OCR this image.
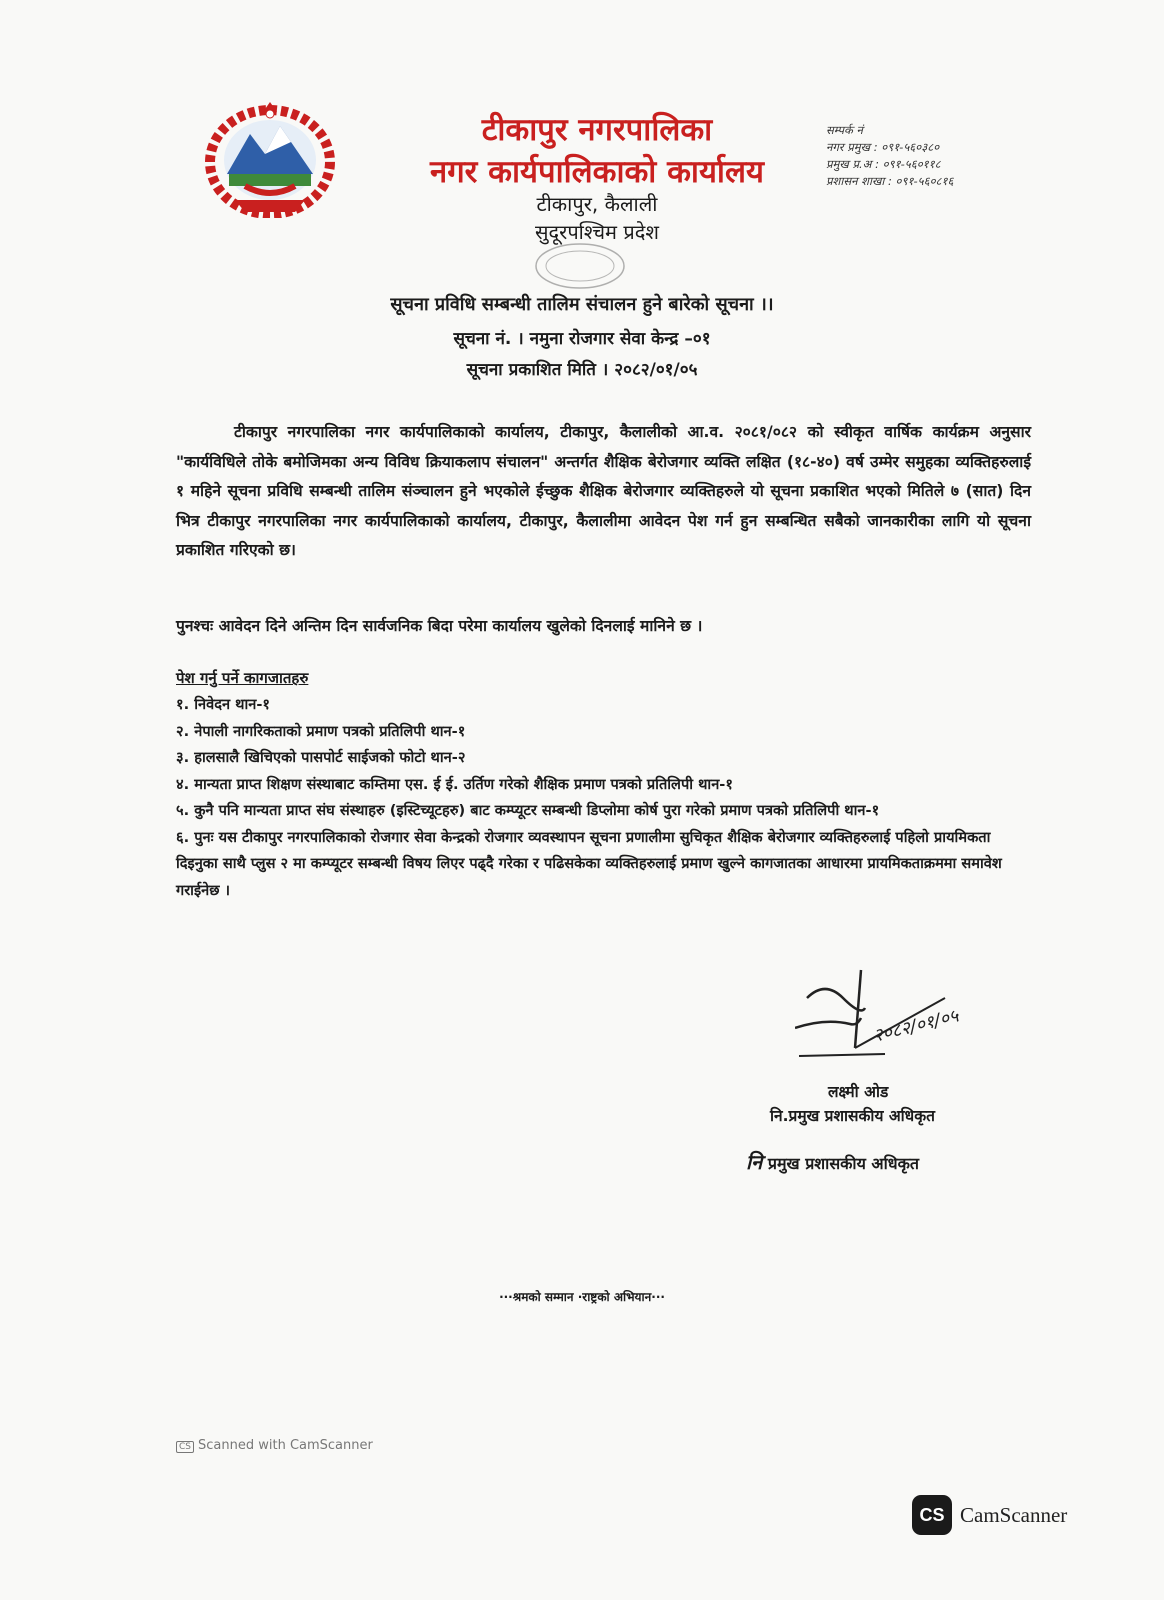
टीकापुर नगरपालिका
नगर कार्यपालिकाको कार्यालय
टीकापुर, कैलाली
सुदूरपश्चिम प्रदेश
सम्पर्क नं
नगर प्रमुख : ०९१-५६०३८०
प्रमुख प्र.अ : ०९१-५६०११८
प्रशासन शाखा : ०९१-५६०८१६
सूचना प्रविधि सम्बन्धी तालिम संचालन हुने बारेको सूचना ।।
सूचना नं. । नमुना रोजगार सेवा केन्द्र –०१
सूचना प्रकाशित मिति । २०८२/०१/०५
टीकापुर नगरपालिका नगर कार्यपालिकाको कार्यालय, टीकापुर, कैलालीको आ.व. २०८१/०८२ को स्वीकृत वार्षिक कार्यक्रम अनुसार "कार्यविधिले तोके बमोजिमका अन्य विविध क्रियाकलाप संचालन" अन्तर्गत शैक्षिक बेरोजगार व्यक्ति लक्षित (१८-४०) वर्ष उम्मेर समुहका व्यक्तिहरुलाई १ महिने सूचना प्रविधि सम्बन्धी तालिम संञ्चालन हुने भएकोले ईच्छुक शैक्षिक बेरोजगार व्यक्तिहरुले यो सूचना प्रकाशित भएको मितिले ७ (सात) दिन भित्र टीकापुर नगरपालिका नगर कार्यपालिकाको कार्यालय, टीकापुर, कैलालीमा आवेदन पेश गर्न हुन सम्बन्धित सबैको जानकारीका लागि यो सूचना प्रकाशित गरिएको छ।
पुनश्चः आवेदन दिने अन्तिम दिन सार्वजनिक बिदा परेमा कार्यालय खुलेको दिनलाई मानिने छ ।
पेश गर्नु पर्ने कागजातहरु
१. निवेदन थान-१
२. नेपाली नागरिकताको प्रमाण पत्रको प्रतिलिपी थान-१
३. हालसालै खिचिएको पासपोर्ट साईजको फोटो थान-२
४. मान्यता प्राप्त शिक्षण संस्थाबाट कम्तिमा एस. ई ई. उर्तिण गरेको शैक्षिक प्रमाण पत्रको प्रतिलिपी थान-१
५. कुनै पनि मान्यता प्राप्त संघ संस्थाहरु (इस्टिच्यूटहरु) बाट कम्प्यूटर सम्बन्धी डिप्लोमा कोर्ष पुरा गरेको प्रमाण पत्रको प्रतिलिपी थान-१
६. पुनः यस टीकापुर नगरपालिकाको रोजगार सेवा केन्द्रको रोजगार व्यवस्थापन सूचना प्रणालीमा सुचिकृत शैक्षिक बेरोजगार व्यक्तिहरुलाई पहिलो प्रायमिकता दिइनुका साथै प्लुस २ मा कम्प्यूटर सम्बन्धी विषय लिएर पढ्दै गरेका र पढिसकेका व्यक्तिहरुलाई प्रमाण खुल्ने कागजातका आधारमा प्रायमिकताक्रममा समावेश गराईनेछ ।
२०८२/०१/०५
लक्ष्मी ओड
नि.प्रमुख प्रशासकीय अधिकृत
नि प्रमुख प्रशासकीय अधिकृत
···श्रमको सम्मान ·राष्ट्रको अभियान···
CS Scanned with CamScanner
CS CamScanner
